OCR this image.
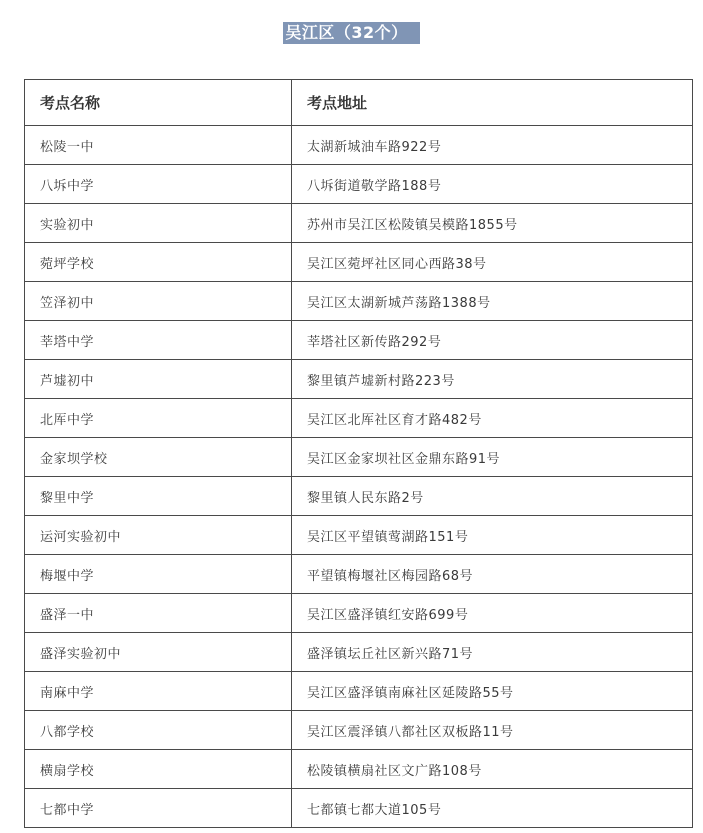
吴江区（32个）
考点名称	考点地址
松陵一中	太湖新城油车路922号
八坼中学	八坼街道敬学路188号
实验初中	苏州市吴江区松陵镇吴模路1855号
菀坪学校	吴江区菀坪社区同心西路38号
笠泽初中	吴江区太湖新城芦荡路1388号
莘塔中学	莘塔社区新传路292号
芦墟初中	黎里镇芦墟新村路223号
北厍中学	吴江区北厍社区育才路482号
金家坝学校	吴江区金家坝社区金鼎东路91号
黎里中学	黎里镇人民东路2号
运河实验初中	吴江区平望镇莺湖路151号
梅堰中学	平望镇梅堰社区梅园路68号
盛泽一中	吴江区盛泽镇红安路699号
盛泽实验初中	盛泽镇坛丘社区新兴路71号
南麻中学	吴江区盛泽镇南麻社区延陵路55号
八都学校	吴江区震泽镇八都社区双板路11号
横扇学校	松陵镇横扇社区文广路108号
七都中学	七都镇七都大道105号
